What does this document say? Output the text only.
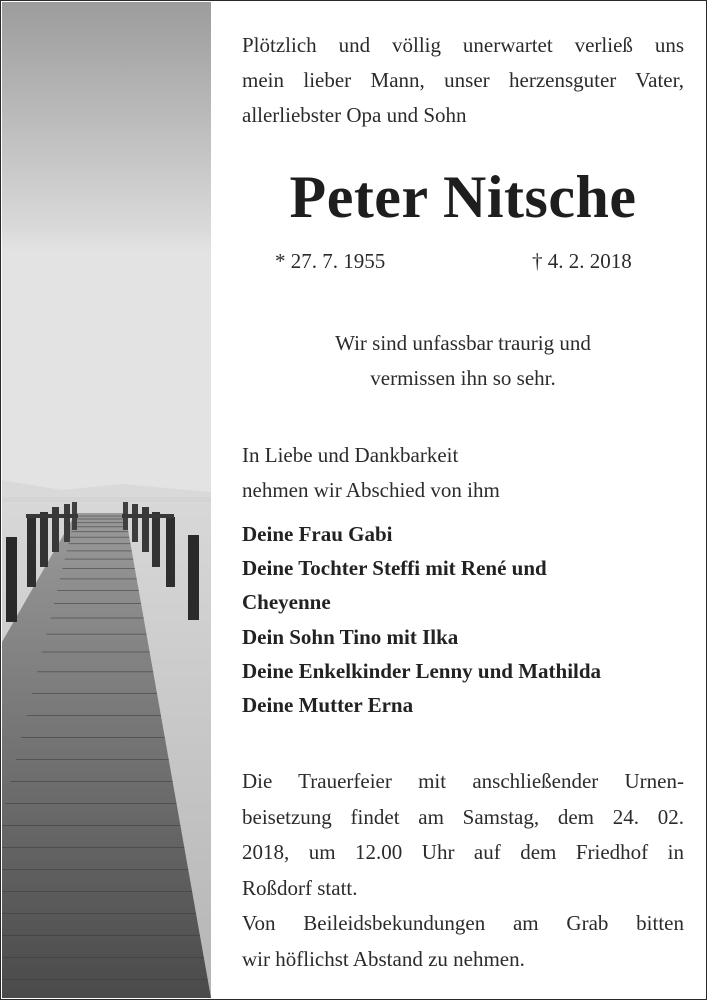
Plötzlich und völlig unerwartet verließ uns
mein lieber Mann, unser herzensguter Vater,
allerliebster Opa und Sohn
Peter Nitsche
* 27. 7. 1955	† 4. 2. 2018
Wir sind unfassbar traurig und
vermissen ihn so sehr.
In Liebe und Dankbarkeit
nehmen wir Abschied von ihm
Deine Frau Gabi
Deine Tochter Steffi mit René und
Cheyenne
Dein Sohn Tino mit Ilka
Deine Enkelkinder Lenny und Mathilda
Deine Mutter Erna
Die Trauerfeier mit anschließender Urnen-
beisetzung findet am Samstag, dem 24. 02.
2018, um 12.00 Uhr auf dem Friedhof in
Roßdorf statt.
Von Beileidsbekundungen am Grab bitten
wir höflichst Abstand zu nehmen.
